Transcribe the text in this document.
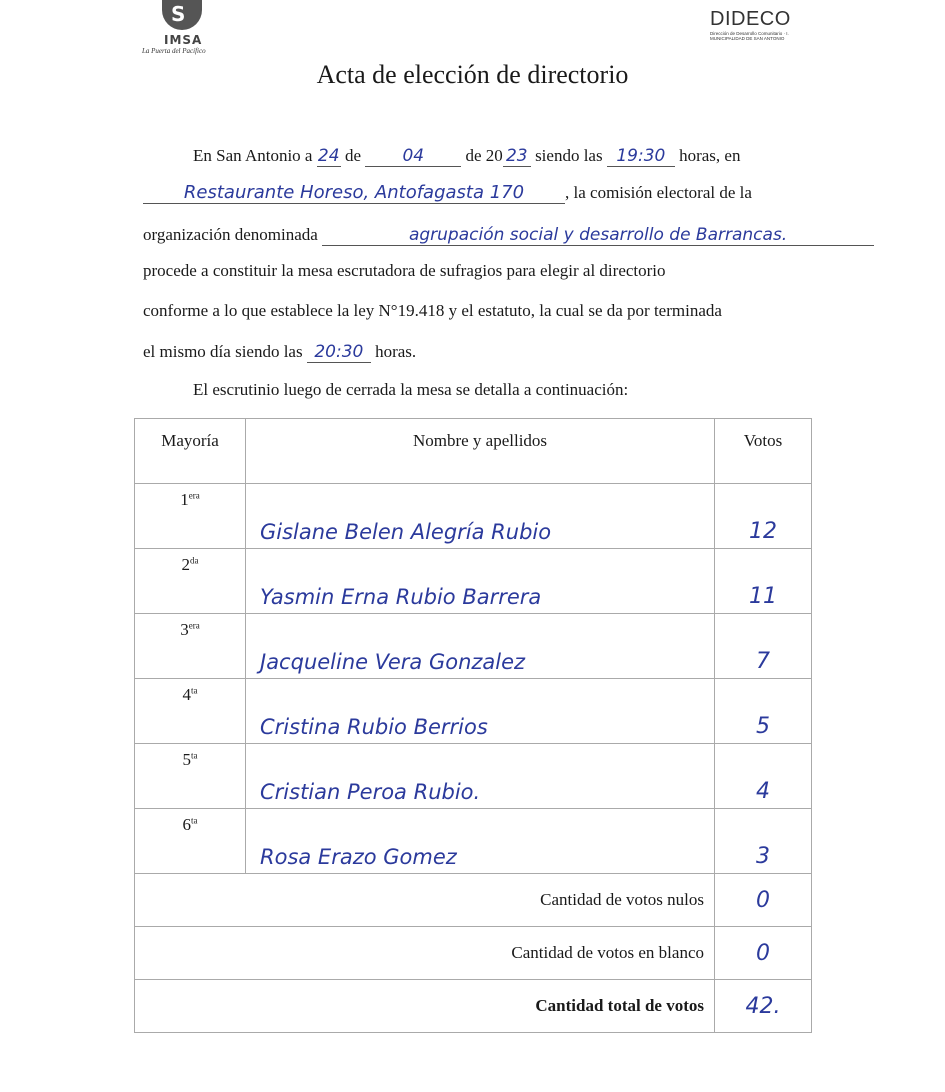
S
IMSA
La Puerta del Pacífico
DIDECO
Dirección de Desarrollo Comunitario · I. MUNICIPALIDAD DE SAN ANTONIO
Acta de elección de directorio
En San Antonio a 24 de 04 de 20 23 siendo las 19:30 horas, en
Restaurante Horeso, Antofagasta 170 , la comisión electoral de la
organización denominada	agrupación social y desarrollo de Barrancas.
procede a constituir la mesa escrutadora de sufragios para elegir al directorio
conforme a lo que establece la ley N°19.418 y el estatuto, la cual se da por terminada
el mismo día siendo las 20:30 horas.
El escrutinio luego de cerrada la mesa se detalla a continuación:
Mayoría	Nombre y apellidos	Votos
$1^{era}$	Gislane Belen Alegría Rubio	12
$2^{da}$	Yasmin Erna Rubio Barrera	11
$3^{era}$	Jacqueline Vera Gonzalez	7
$4^{ta}$	Cristina Rubio Berrios	5
$5^{ta}$	Cristian Peroa Rubio.	4
$6^{ta}$	Rosa Erazo Gomez	3
Cantidad de votos nulos		0
Cantidad de votos en blanco		0
Cantidad total de votos		42.
